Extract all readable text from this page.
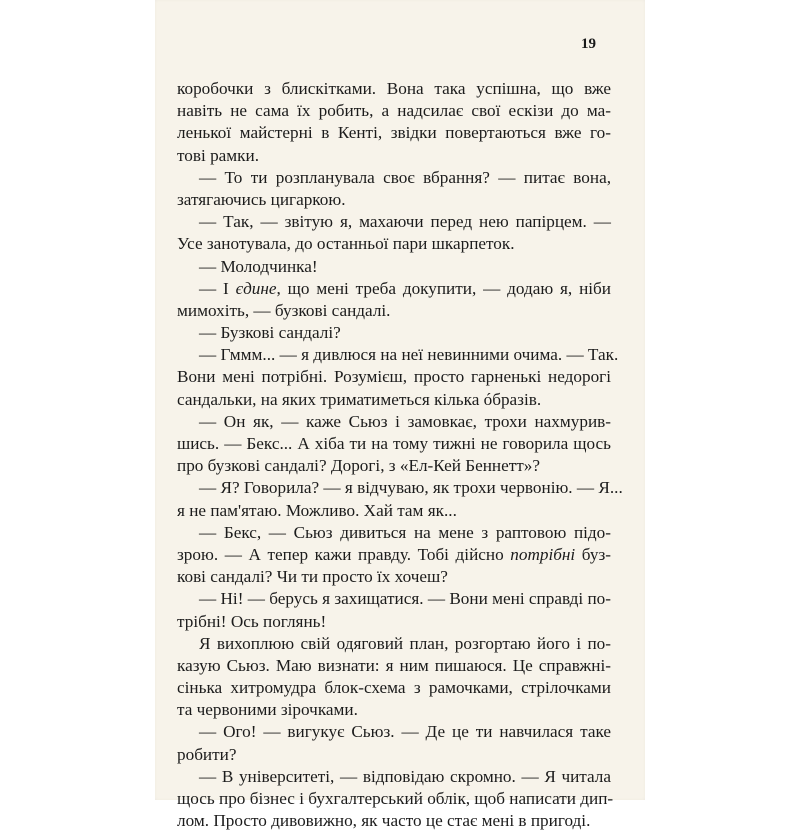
19
коробочки з блискітками. Вона така успішна, що вже
навіть не сама їх робить, а надсилає свої ескізи до ма-
ленької майстерні в Кенті, звідки повертаються вже го-
тові рамки.
— То ти розпланувала своє вбрання? — питає вона,
затягаючись цигаркою.
— Так, — звітую я, махаючи перед нею папірцем. —
Усе занотувала, до останньої пари шкарпеток.
— Молодчинка!
— І єдине, що мені треба докупити, — додаю я, ніби
мимохіть, — бузкові сандалі.
— Бузкові сандалі?
— Гммм... — я дивлюся на неї невинними очима. — Так.
Вони мені потрібні. Розумієш, просто гарненькі недорогі
сандальки, на яких триматиметься кілька óбразів.
— Он як, — каже Сьюз і замовкає, трохи нахмурив-
шись. — Бекс... А хіба ти на тому тижні не говорила щось
про бузкові сандалі? Дорогі, з «Ел-Кей Беннетт»?
— Я? Говорила? — я відчуваю, як трохи червонію. — Я...
я не пам'ятаю. Можливо. Хай там як...
— Бекс, — Сьюз дивиться на мене з раптовою підо-
зрою. — А тепер кажи правду. Тобі дійсно потрібні буз-
кові сандалі? Чи ти просто їх хочеш?
— Ні! — берусь я захищатися. — Вони мені справді по-
трібні! Ось поглянь!
Я вихоплюю свій одяговий план, розгортаю його і по-
казую Сьюз. Маю визнати: я ним пишаюся. Це справжні-
сінька хитромудра блок-схема з рамочками, стрілочками
та червоними зірочками.
— Ого! — вигукує Сьюз. — Де це ти навчилася таке
робити?
— В університеті, — відповідаю скромно. — Я читала
щось про бізнес і бухгалтерський облік, щоб написати дип-
лом. Просто дивовижно, як часто це стає мені в пригоді.
